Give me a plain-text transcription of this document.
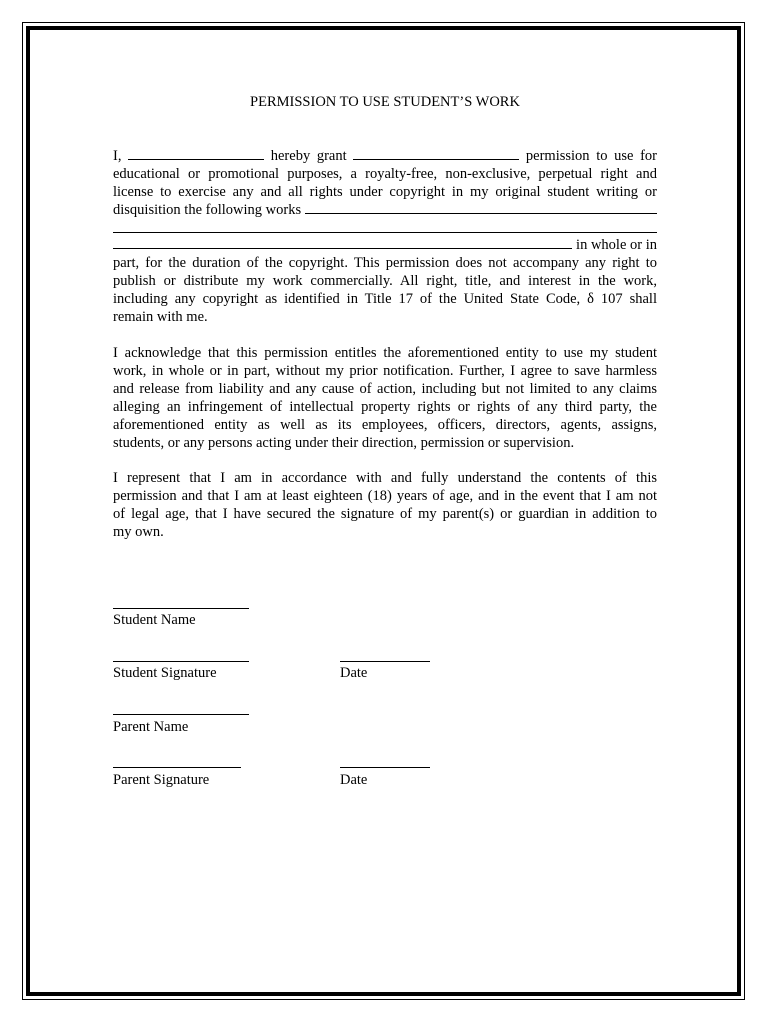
PERMISSION TO USE STUDENT’S WORK
I,	hereby grant	permission to use for
educational or promotional purposes, a royalty-free, non-exclusive, perpetual right and
license to exercise any and all rights under copyright in my original student writing or
disquisition the following works
in whole or in
part, for the duration of the copyright. This permission does not accompany any right to
publish or distribute my work commercially. All right, title, and interest in the work,
including any copyright as identified in Title 17 of the United State Code, δ 107 shall
remain with me.
I acknowledge that this permission entitles the aforementioned entity to use my student
work, in whole or in part, without my prior notification. Further, I agree to save harmless
and release from liability and any cause of action, including but not limited to any claims
alleging an infringement of intellectual property rights or rights of any third party, the
aforementioned entity as well as its employees, officers, directors, agents, assigns,
students, or any persons acting under their direction, permission or supervision.
I represent that I am in accordance with and fully understand the contents of this
permission and that I am at least eighteen (18) years of age, and in the event that I am not
of legal age, that I have secured the signature of my parent(s) or guardian in addition to
my own.
Student Name
Student Signature	Date
Parent Name
Parent Signature	Date
